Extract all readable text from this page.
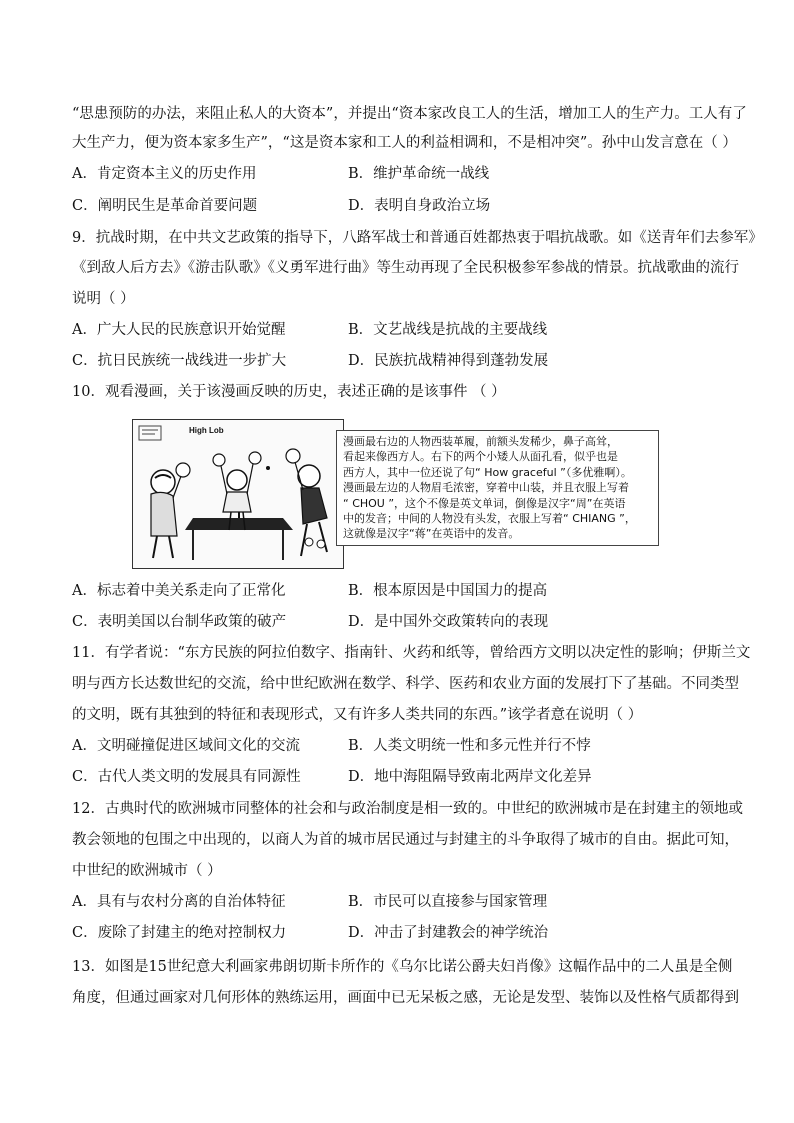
“思患预防的办法，来阻止私人的大资本”，并提出“资本家改良工人的生活，增加工人的生产力。工人有了
大生产力，便为资本家多生产”，“这是资本家和工人的利益相调和，不是相冲突”。孙中山发言意在（ ）
A．肯定资本主义的历史作用	B．维护革命统一战线
C．阐明民生是革命首要问题	D．表明自身政治立场
9．抗战时期，在中共文艺政策的指导下，八路军战士和普通百姓都热衷于唱抗战歌。如《送青年们去参军》
《到敌人后方去》《游击队歌》《义勇军进行曲》等生动再现了全民积极参军参战的情景。抗战歌曲的流行
说明（ ）
A．广大人民的民族意识开始觉醒	B．文艺战线是抗战的主要战线
C．抗日民族统一战线进一步扩大	D．民族抗战精神得到蓬勃发展
10．观看漫画，关于该漫画反映的历史，表述正确的是该事件 （ ）
High Lob
漫画最右边的人物西装革履，前额头发稀少，鼻子高耸，
看起来像西方人。右下的两个小矮人从面孔看，似乎也是
西方人，其中一位还说了句“ How graceful ”（多优雅啊）。
漫画最左边的人物眉毛浓密，穿着中山装，并且衣服上写着
“ CHOU ”，这个不像是英文单词，倒像是汉字“周”在英语
中的发音；中间的人物没有头发，衣服上写着“ CHIANG ”，
这就像是汉字“蒋”在英语中的发音。
A．标志着中美关系走向了正常化	B．根本原因是中国国力的提高
C．表明美国以台制华政策的破产	D．是中国外交政策转向的表现
11．有学者说：“东方民族的阿拉伯数字、指南针、火药和纸等，曾给西方文明以决定性的影响；伊斯兰文
明与西方长达数世纪的交流，给中世纪欧洲在数学、科学、医药和农业方面的发展打下了基础。不同类型
的文明，既有其独到的特征和表现形式，又有许多人类共同的东西。”该学者意在说明（ ）
A．文明碰撞促进区域间文化的交流	B．人类文明统一性和多元性并行不悖
C．古代人类文明的发展具有同源性	D．地中海阻隔导致南北两岸文化差异
12．古典时代的欧洲城市同整体的社会和与政治制度是相一致的。中世纪的欧洲城市是在封建主的领地或
教会领地的包围之中出现的，以商人为首的城市居民通过与封建主的斗争取得了城市的自由。据此可知，
中世纪的欧洲城市（ ）
A．具有与农村分离的自治体特征	B．市民可以直接参与国家管理
C．废除了封建主的绝对控制权力	D．冲击了封建教会的神学统治
13．如图是15世纪意大利画家弗朗切斯卡所作的《乌尔比诺公爵夫妇肖像》这幅作品中的二人虽是全侧
角度，但通过画家对几何形体的熟练运用，画面中已无呆板之感，无论是发型、装饰以及性格气质都得到
